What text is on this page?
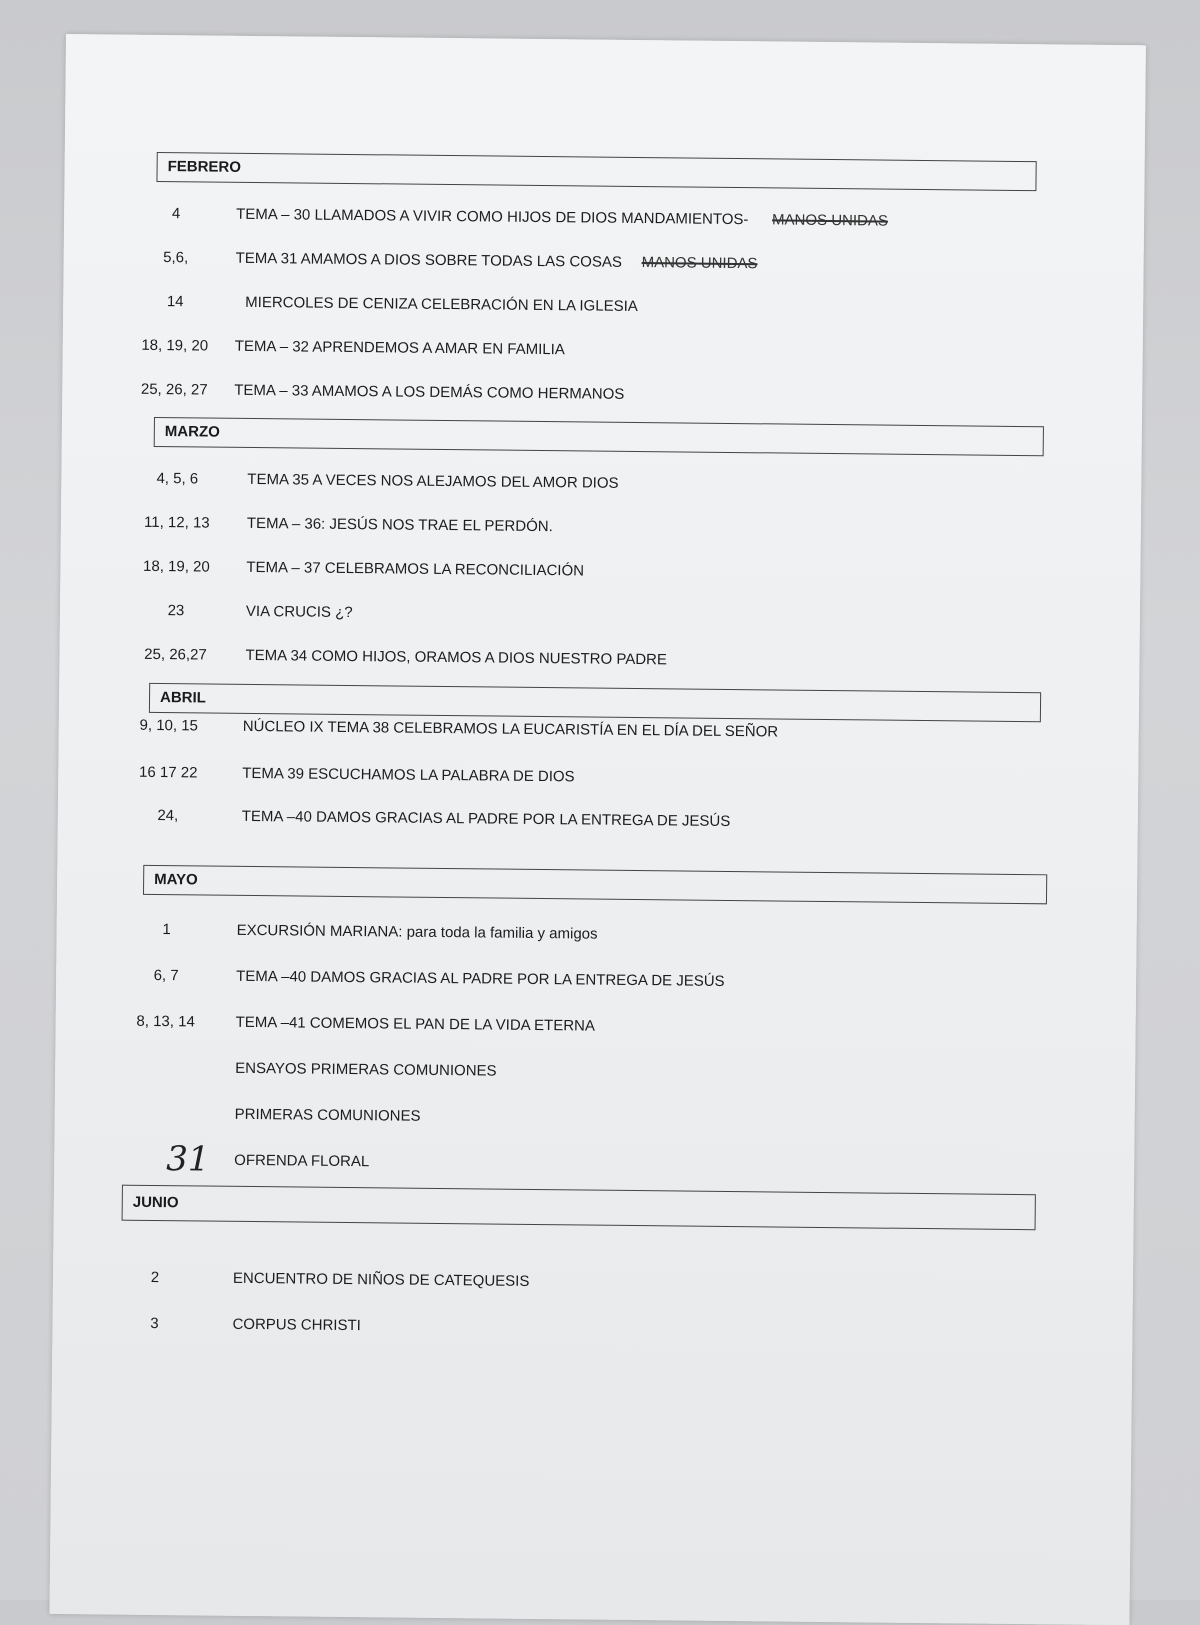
FEBRERO
4	TEMA – 30 LLAMADOS A VIVIR COMO HIJOS DE DIOS MANDAMIENTOS- MANOS UNIDAS
5,6,	TEMA 31 AMAMOS A DIOS SOBRE TODAS LAS COSAS MANOS UNIDAS
14	MIERCOLES DE CENIZA CELEBRACIÓN EN LA IGLESIA
18, 19, 20	TEMA – 32 APRENDEMOS A AMAR EN FAMILIA
25, 26, 27	TEMA – 33 AMAMOS A LOS DEMÁS COMO HERMANOS
MARZO
4, 5, 6	TEMA 35 A VECES NOS ALEJAMOS DEL AMOR DIOS
11, 12, 13	TEMA – 36: JESÚS NOS TRAE EL PERDÓN.
18, 19, 20	TEMA – 37 CELEBRAMOS LA RECONCILIACIÓN
23	VIA CRUCIS ¿?
25, 26,27	TEMA 34 COMO HIJOS, ORAMOS A DIOS NUESTRO PADRE
ABRIL
9, 10, 15	NÚCLEO IX TEMA 38 CELEBRAMOS LA EUCARISTÍA EN EL DÍA DEL SEÑOR
16 17 22	TEMA 39 ESCUCHAMOS LA PALABRA DE DIOS
24,	TEMA –40 DAMOS GRACIAS AL PADRE POR LA ENTREGA DE JESÚS
MAYO
1	EXCURSIÓN MARIANA: para toda la familia y amigos
6, 7	TEMA –40 DAMOS GRACIAS AL PADRE POR LA ENTREGA DE JESÚS
8, 13, 14	TEMA –41 COMEMOS EL PAN DE LA VIDA ETERNA
ENSAYOS PRIMERAS COMUNIONES
PRIMERAS COMUNIONES
31 OFRENDA FLORAL
JUNIO
2	ENCUENTRO DE NIÑOS DE CATEQUESIS
3	CORPUS CHRISTI
